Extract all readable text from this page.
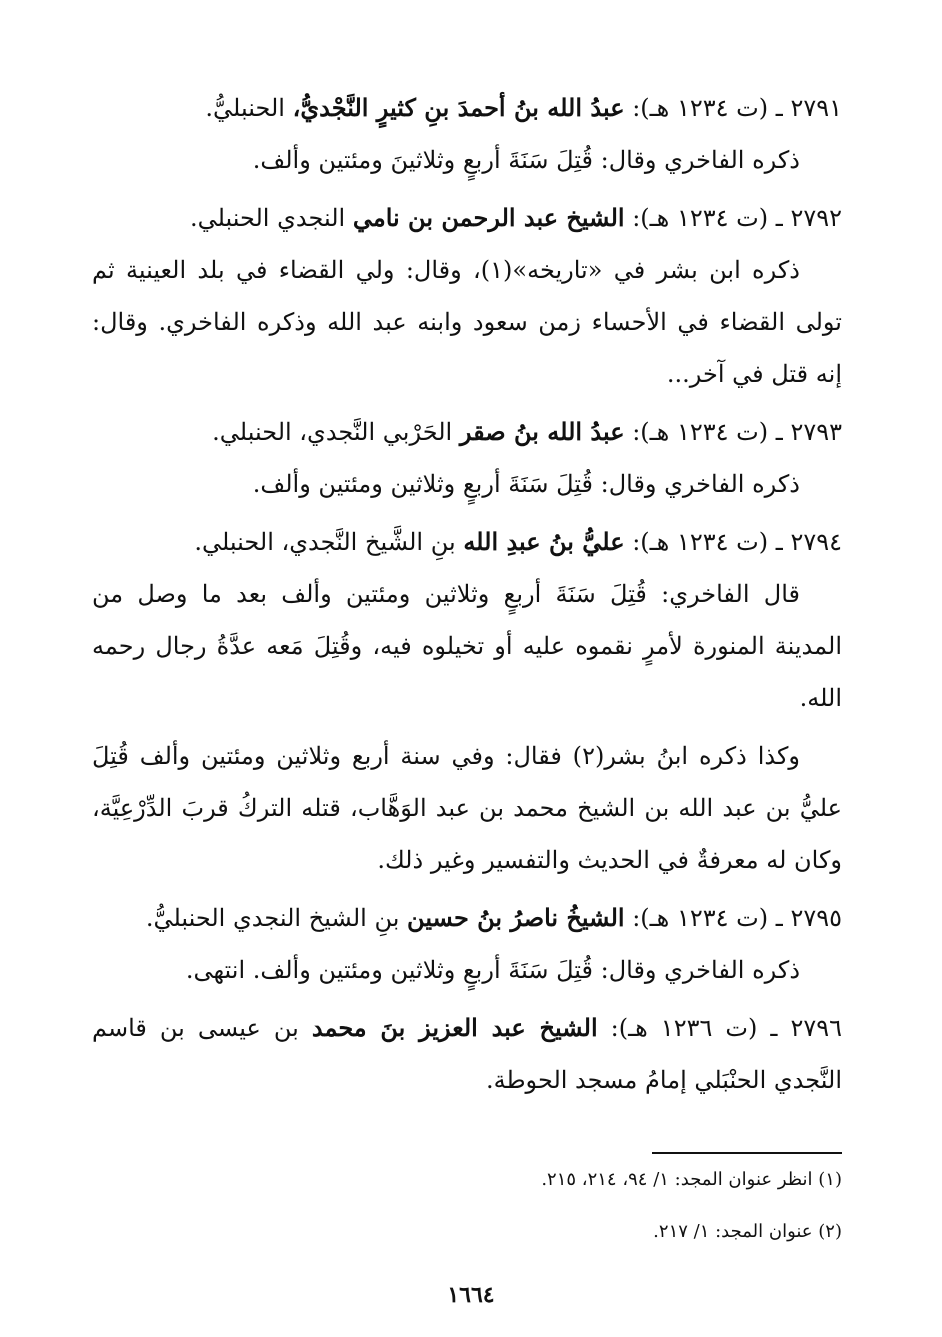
٢٧٩١ ـ (ت ١٢٣٤ هـ): عبدُ الله بنُ أحمدَ بنِ كثيرٍ النَّجْديُّ، الحنبليُّ.

ذكره الفاخري وقال: قُتِلَ سَنَةَ أربعٍ وثلاثينَ ومئتين وألف.

٢٧٩٢ ـ (ت ١٢٣٤ هـ): الشيخ عبد الرحمن بن نامي النجدي الحنبلي.

ذكره ابن بشر في «تاريخه»(١)، وقال: ولي القضاء في بلد العينية ثم تولى القضاء في الأحساء زمن سعود وابنه عبد الله وذكره الفاخري. وقال: إنه قتل في آخر...

٢٧٩٣ ـ (ت ١٢٣٤ هـ): عبدُ الله بنُ صقر الحَرْبي النَّجدي، الحنبلي.

ذكره الفاخري وقال: قُتِلَ سَنَةَ أربعٍ وثلاثين ومئتين وألف.

٢٧٩٤ ـ (ت ١٢٣٤ هـ): عليُّ بنُ عبدِ الله بنِ الشَّيخ النَّجدي، الحنبلي.

قال الفاخري: قُتِلَ سَنَةَ أربعٍ وثلاثين ومئتين وألف بعد ما وصل من المدينة المنورة لأمرٍ نقموه عليه أو تخيلوه فيه، وقُتِلَ مَعه عدَّةُ رجال رحمه الله.

وكذا ذكره ابنُ بشر(٢) فقال: وفي سنة أربع وثلاثين ومئتين وألف قُتِلَ عليُّ بن عبد الله بن الشيخ محمد بن عبد الوَهَّاب، قتله التركُ قربَ الدِّرْعِيَّة، وكان له معرفةٌ في الحديث والتفسير وغير ذلك.

٢٧٩٥ ـ (ت ١٢٣٤ هـ): الشيخُ ناصرُ بنُ حسين بنِ الشيخ النجدي الحنبليُّ.

ذكره الفاخري وقال: قُتِلَ سَنَةَ أربعٍ وثلاثين ومئتين وألف. انتهى.

٢٧٩٦ ـ (ت ١٢٣٦ هـ): الشيخ عبد العزيز بنَ محمد بن عيسى بن قاسم النَّجدي الحنْبَلي إمامُ مسجد الحوطة.

(١) انظر عنوان المجد: ١/ ٩٤، ٢١٤، ٢١٥.

(٢) عنوان المجد: ١/ ٢١٧.

١٦٦٤
